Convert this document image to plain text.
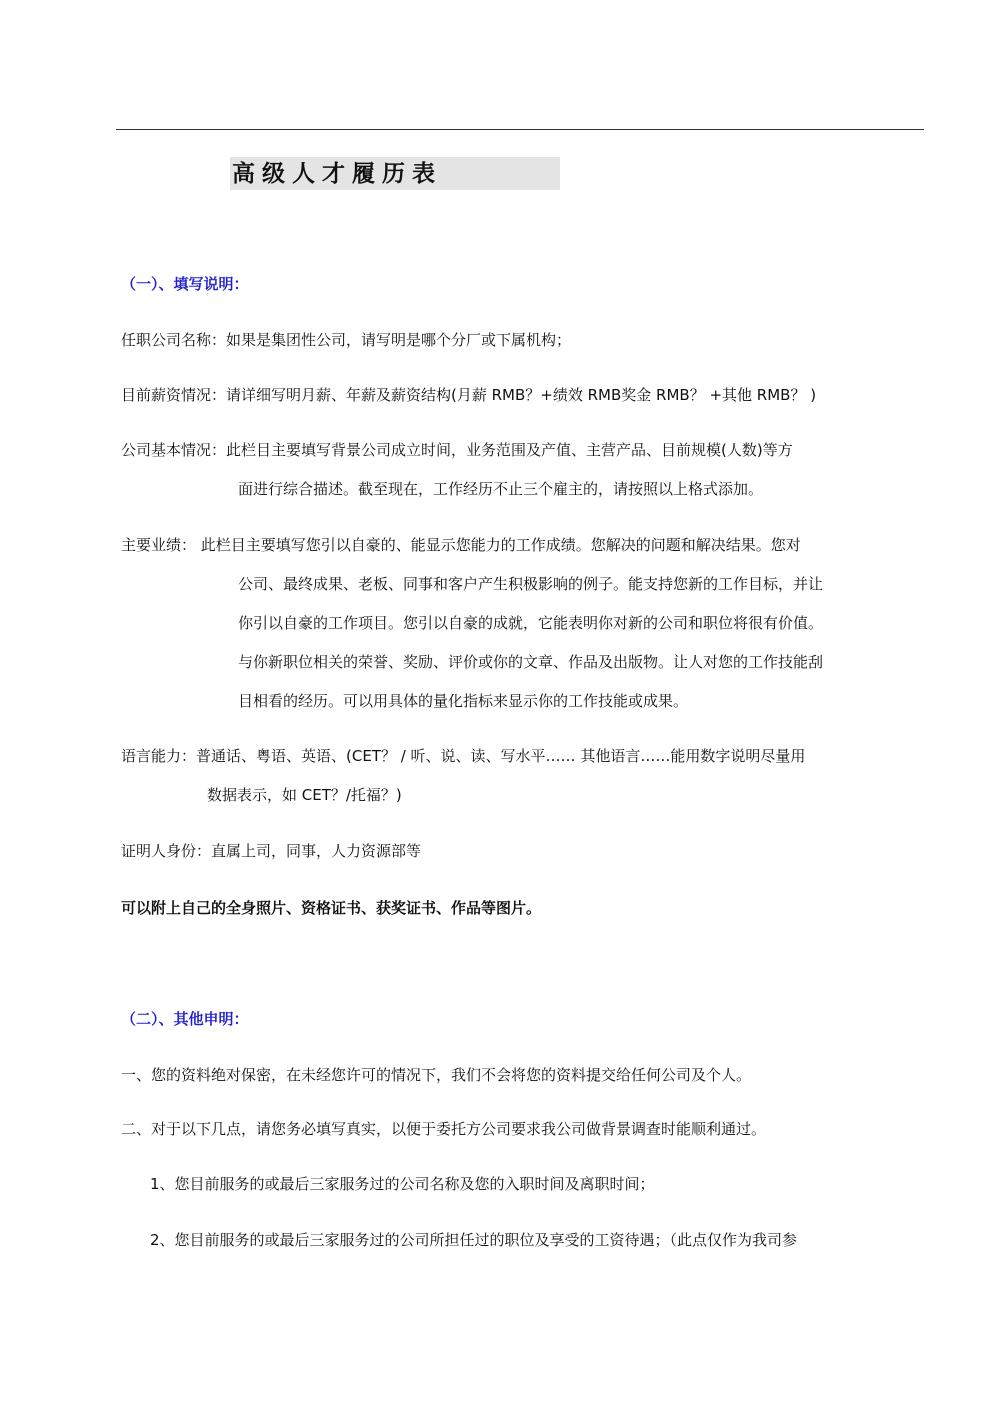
高级人才履历表
（一）、填写说明：
任职公司名称：如果是集团性公司，请写明是哪个分厂或下属机构；
目前薪资情况：请详细写明月薪、年薪及薪资结构(月薪 RMB？+绩效 RMB奖金 RMB？ +其他 RMB？ )
公司基本情况：此栏目主要填写背景公司成立时间，业务范围及产值、主营产品、目前规模(人数)等方
面进行综合描述。截至现在，工作经历不止三个雇主的，请按照以上格式添加。
主要业绩： 此栏目主要填写您引以自豪的、能显示您能力的工作成绩。您解决的问题和解决结果。您对
公司、最终成果、老板、同事和客户产生积极影响的例子。能支持您新的工作目标，并让
你引以自豪的工作项目。您引以自豪的成就，它能表明你对新的公司和职位将很有价值。
与你新职位相关的荣誉、奖励、评价或你的文章、作品及出版物。让人对您的工作技能刮
目相看的经历。可以用具体的量化指标来显示你的工作技能或成果。
语言能力：普通话、粤语、英语、(CET？ / 听、说、读、写水平…… 其他语言……能用数字说明尽量用
数据表示，如 CET？/托福？)
证明人身份：直属上司，同事，人力资源部等
可以附上自己的全身照片、资格证书、获奖证书、作品等图片。
（二）、其他申明：
一、您的资料绝对保密，在未经您许可的情况下，我们不会将您的资料提交给任何公司及个人。
二、对于以下几点，请您务必填写真实，以便于委托方公司要求我公司做背景调查时能顺利通过。
1、您目前服务的或最后三家服务过的公司名称及您的入职时间及离职时间；
2、您目前服务的或最后三家服务过的公司所担任过的职位及享受的工资待遇；（此点仅作为我司参
